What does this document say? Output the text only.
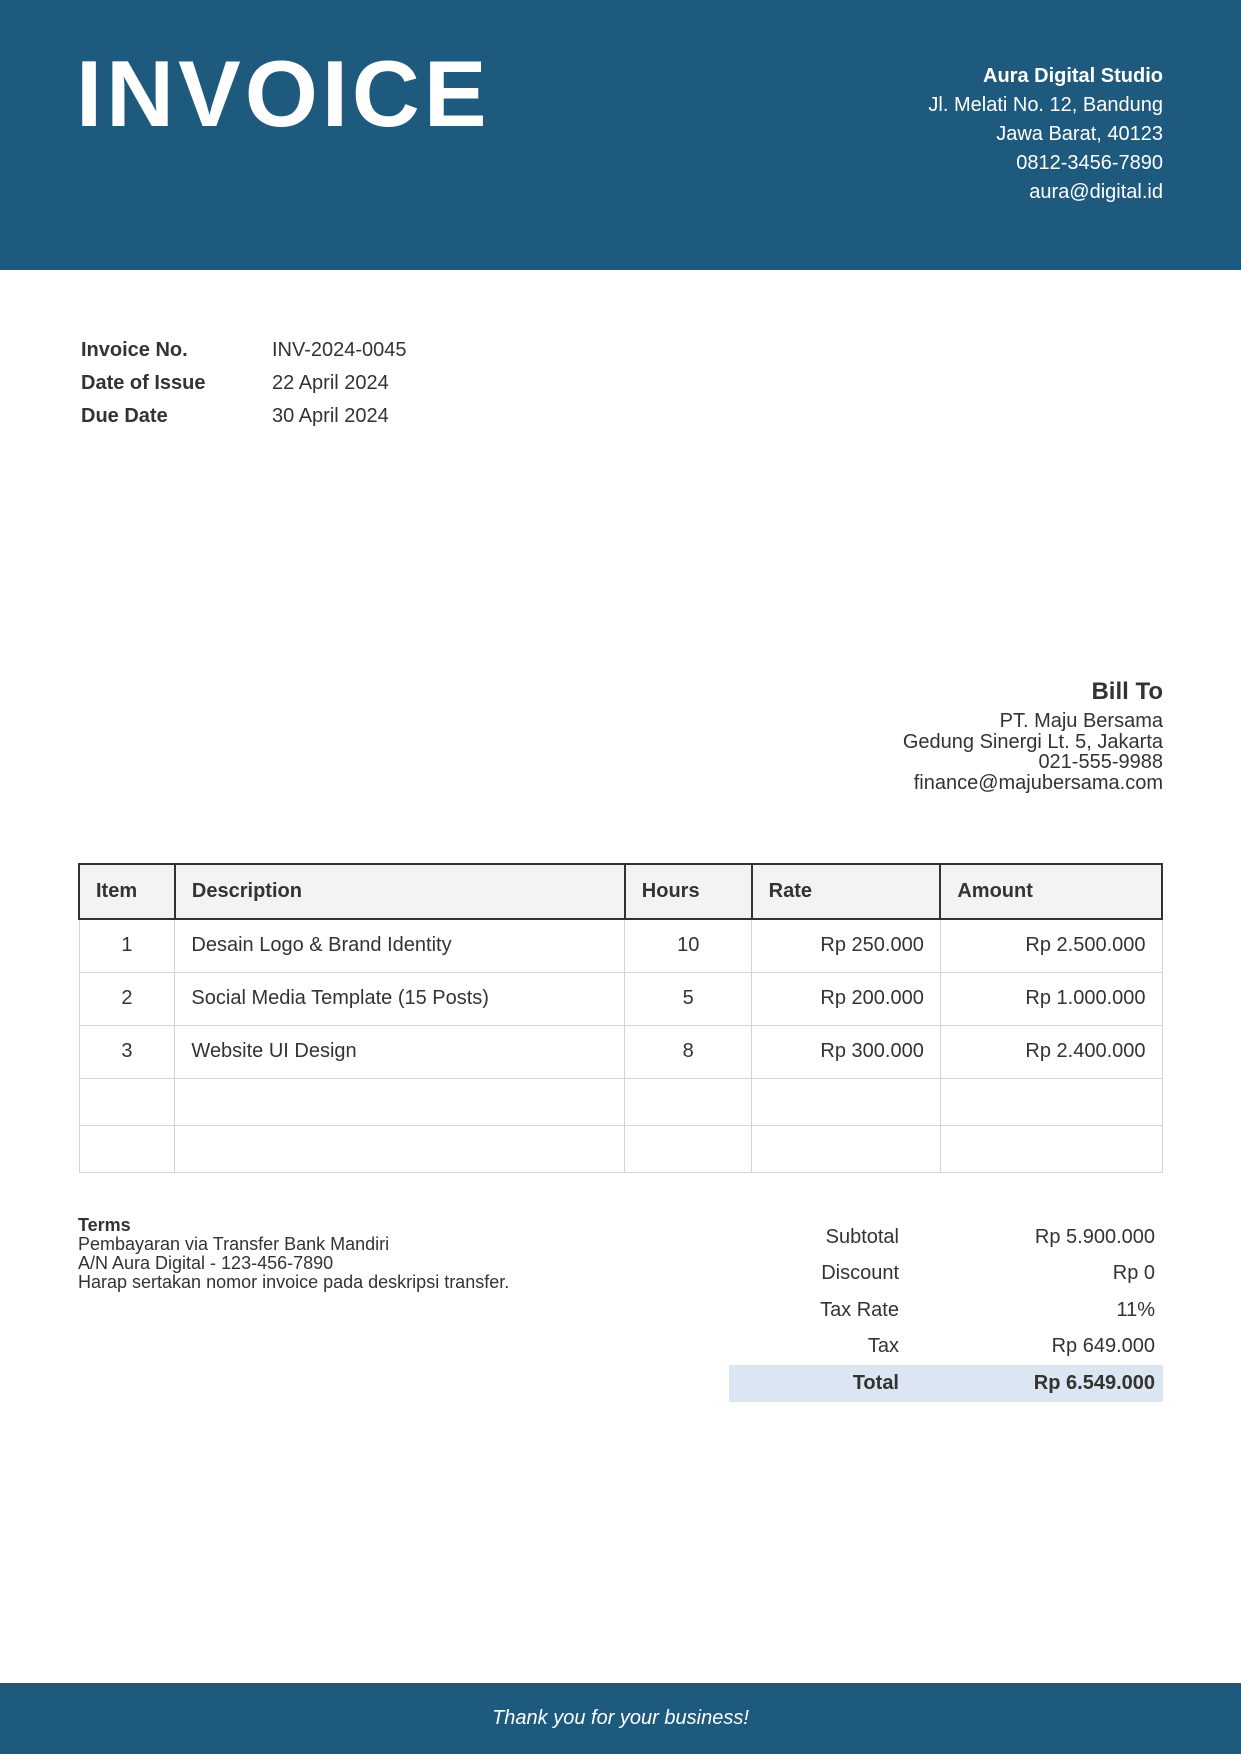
INVOICE	Aura Digital Studio
Jl. Melati No. 12, Bandung
Jawa Barat, 40123
0812-3456-7890
aura@digital.id
Invoice No.	INV-2024-0045
Date of Issue	22 April 2024
Due Date	30 April 2024
Bill To
PT. Maju Bersama
Gedung Sinergi Lt. 5, Jakarta
021-555-9988
finance@majubersama.com
Item	Description	Hours	Rate	Amount
1	Desain Logo & Brand Identity	10	Rp 250.000	Rp 2.500.000
2	Social Media Template (15 Posts)	5	Rp 200.000	Rp 1.000.000
3	Website UI Design	8	Rp 300.000	Rp 2.400.000

Terms
Pembayaran via Transfer Bank Mandiri
A/N Aura Digital - 123-456-7890
Harap sertakan nomor invoice pada deskripsi transfer.
Subtotal	Rp 5.900.000
Discount	Rp 0
Tax Rate	11%
Tax	Rp 649.000
Total	Rp 6.549.000
Thank you for your business!
